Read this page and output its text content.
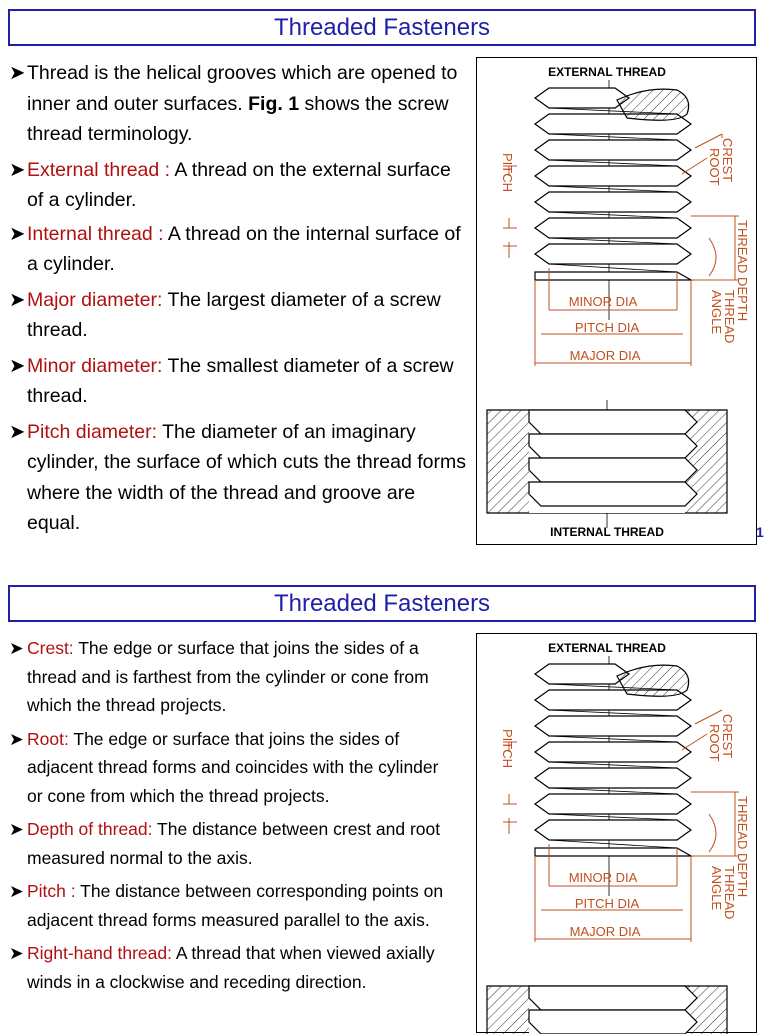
Threaded Fasteners
➤ Thread is the helical grooves which are opened to inner and outer surfaces. Fig. 1 shows the screw thread terminology.
➤ External thread : A thread on the external surface of a cylinder.
➤ Internal thread : A thread on the internal surface of a cylinder.
➤ Major diameter: The largest diameter of a screw thread.
➤ Minor diameter: The smallest diameter of a screw thread.
➤ Pitch diameter: The diameter of an imaginary cylinder, the surface of which cuts the thread forms where the width of the thread and groove are equal.
EXTERNAL THREAD
PITCH	CREST
ROOT
THREAD DEPTH
THREAD
ANGLE
MINOR DIA
PITCH DIA
MAJOR DIA
INTERNAL THREAD	1
Threaded Fasteners
➤ Crest: The edge or surface that joins the sides of a thread and is farthest from the cylinder or cone from which the thread projects.
➤ Root: The edge or surface that joins the sides of adjacent thread forms and coincides with the cylinder or cone from which the thread projects.
➤ Depth of thread: The distance between crest and root measured normal to the axis.
➤ Pitch : The distance between corresponding points on adjacent thread forms measured parallel to the axis.
➤ Right-hand thread: A thread that when viewed axially winds in a clockwise and receding direction.
EXTERNAL THREAD
PITCH	CREST
ROOT
THREAD DEPTH
THREAD
ANGLE
MINOR DIA
PITCH DIA
MAJOR DIA
